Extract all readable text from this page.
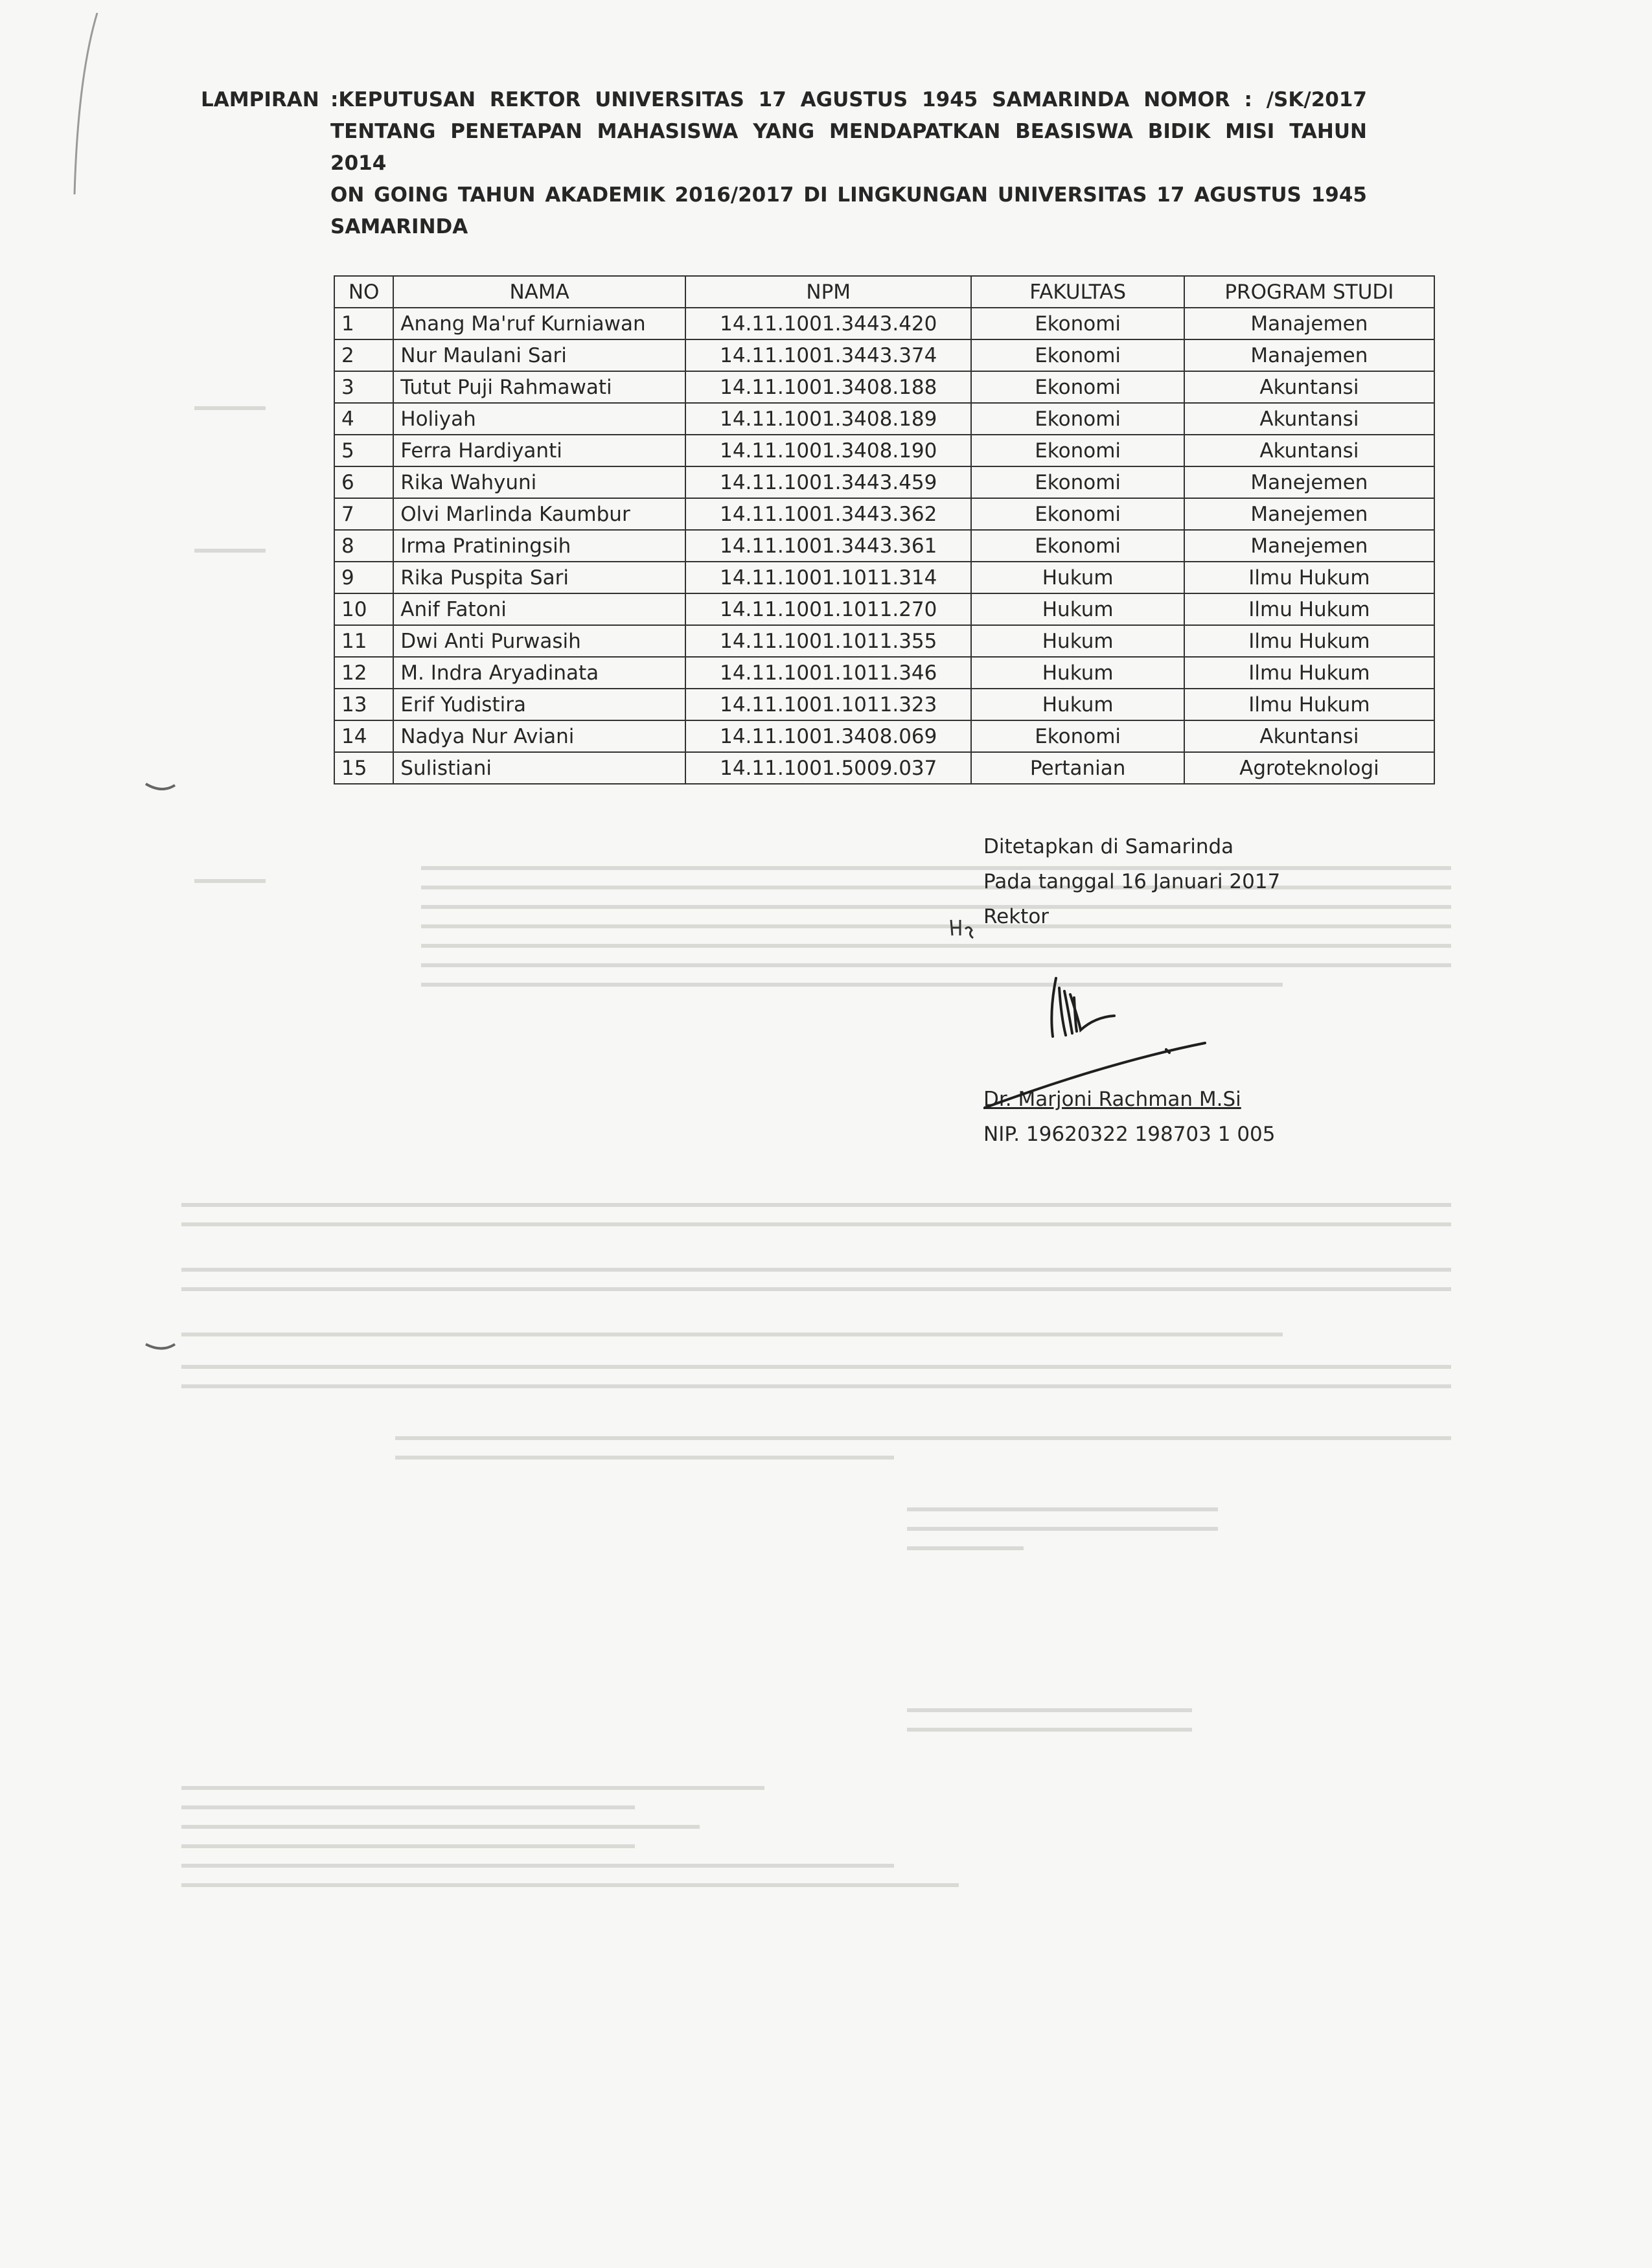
LAMPIRAN :KEPUTUSAN REKTOR UNIVERSITAS 17 AGUSTUS 1945 SAMARINDA NOMOR : /SK/2017
TENTANG PENETAPAN MAHASISWA YANG MENDAPATKAN BEASISWA BIDIK MISI TAHUN 2014
ON GOING TAHUN AKADEMIK 2016/2017 DI LINGKUNGAN UNIVERSITAS 17 AGUSTUS 1945
SAMARINDA
NO	NAMA	NPM	FAKULTAS	PROGRAM STUDI
1	Anang Ma'ruf Kurniawan	14.11.1001.3443.420	Ekonomi	Manajemen
2	Nur Maulani Sari	14.11.1001.3443.374	Ekonomi	Manajemen
3	Tutut Puji Rahmawati	14.11.1001.3408.188	Ekonomi	Akuntansi
4	Holiyah	14.11.1001.3408.189	Ekonomi	Akuntansi
5	Ferra Hardiyanti	14.11.1001.3408.190	Ekonomi	Akuntansi
6	Rika Wahyuni	14.11.1001.3443.459	Ekonomi	Manejemen
7	Olvi Marlinda Kaumbur	14.11.1001.3443.362	Ekonomi	Manejemen
8	Irma Pratiningsih	14.11.1001.3443.361	Ekonomi	Manejemen
9	Rika Puspita Sari	14.11.1001.1011.314	Hukum	Ilmu Hukum
10	Anif Fatoni	14.11.1001.1011.270	Hukum	Ilmu Hukum
11	Dwi Anti Purwasih	14.11.1001.1011.355	Hukum	Ilmu Hukum
12	M. Indra Aryadinata	14.11.1001.1011.346	Hukum	Ilmu Hukum
13	Erif Yudistira	14.11.1001.1011.323	Hukum	Ilmu Hukum
14	Nadya Nur Aviani	14.11.1001.3408.069	Ekonomi	Akuntansi
15	Sulistiani	14.11.1001.5009.037	Pertanian	Agroteknologi
Ditetapkan di Samarinda
Pada tanggal 16 Januari 2017
Rektor
Dr. Marjoni Rachman M.Si
NIP. 19620322 198703 1 005
